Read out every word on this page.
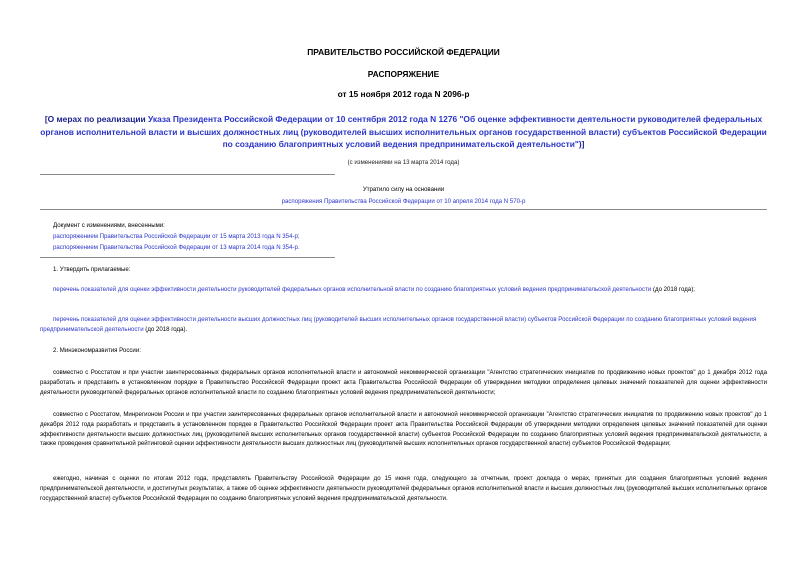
ПРАВИТЕЛЬСТВО РОССИЙСКОЙ ФЕДЕРАЦИИ
РАСПОРЯЖЕНИЕ
от 15 ноября 2012 года N 2096-р
[О мерах по реализации Указа Президента Российской Федерации от 10 сентября 2012 года N 1276 "Об оценке эффективности деятельности руководителей федеральных органов исполнительной власти и высших должностных лиц (руководителей высших исполнительных органов государственной власти) субъектов Российской Федерации по созданию благоприятных условий ведения предпринимательской деятельности")]
(с изменениями на 13 марта 2014 года)
Утратило силу на основании
распоряжения Правительства Российской Федерации от 10 апреля 2014 года N 570-р
Документ с изменениями, внесенными:
распоряжением Правительства Российской Федерации от 15 марта 2013 года N 354-р;
распоряжением Правительства Российской Федерации от 13 марта 2014 года N 354-р.
1. Утвердить прилагаемые:
перечень показателей для оценки эффективности деятельности руководителей федеральных органов исполнительной власти по созданию благоприятных условий ведения предпринимательской деятельности (до 2018 года);
перечень показателей для оценки эффективности деятельности высших должностных лиц (руководителей высших исполнительных органов государственной власти) субъектов Российской Федерации по созданию благоприятных условий ведения предпринимательской деятельности (до 2018 года).
2. Минэкономразвития России:
совместно с Росстатом и при участии заинтересованных федеральных органов исполнительной власти и автономной некоммерческой организации "Агентство стратегических инициатив по продвижению новых проектов" до 1 декабря 2012 года разработать и представить в установленном порядке в Правительство Российской Федерации проект акта Правительства Российской Федерации об утверждении методики определения целевых значений показателей для оценки эффективности деятельности руководителей федеральных органов исполнительной власти по созданию благоприятных условий ведения предпринимательской деятельности;
совместно с Росстатом, Минрегионом России и при участии заинтересованных федеральных органов исполнительной власти и автономной некоммерческой организации "Агентство стратегических инициатив по продвижению новых проектов" до 1 декабря 2012 года разработать и представить в установленном порядке в Правительство Российской Федерации проект акта Правительства Российской Федерации об утверждении методики определения целевых значений показателей для оценки эффективности деятельности высших должностных лиц (руководителей высших исполнительных органов государственной власти) субъектов Российской Федерации по созданию благоприятных условий ведения предпринимательской деятельности, а также проведения сравнительной рейтинговой оценки эффективности деятельности высших должностных лиц (руководителей высших исполнительных органов государственной власти) субъектов Российской Федерации;
ежегодно, начиная с оценки по итогам 2012 года, представлять Правительству Российской Федерации до 15 июня года, следующего за отчетным, проект доклада о мерах, принятых для создания благоприятных условий ведения предпринимательской деятельности, и достигнутых результатах, а также об оценке эффективности деятельности руководителей федеральных органов исполнительной власти и высших должностных лиц (руководителей высших исполнительных органов государственной власти) субъектов Российской Федерации по созданию благоприятных условий ведения предпринимательской деятельности.
